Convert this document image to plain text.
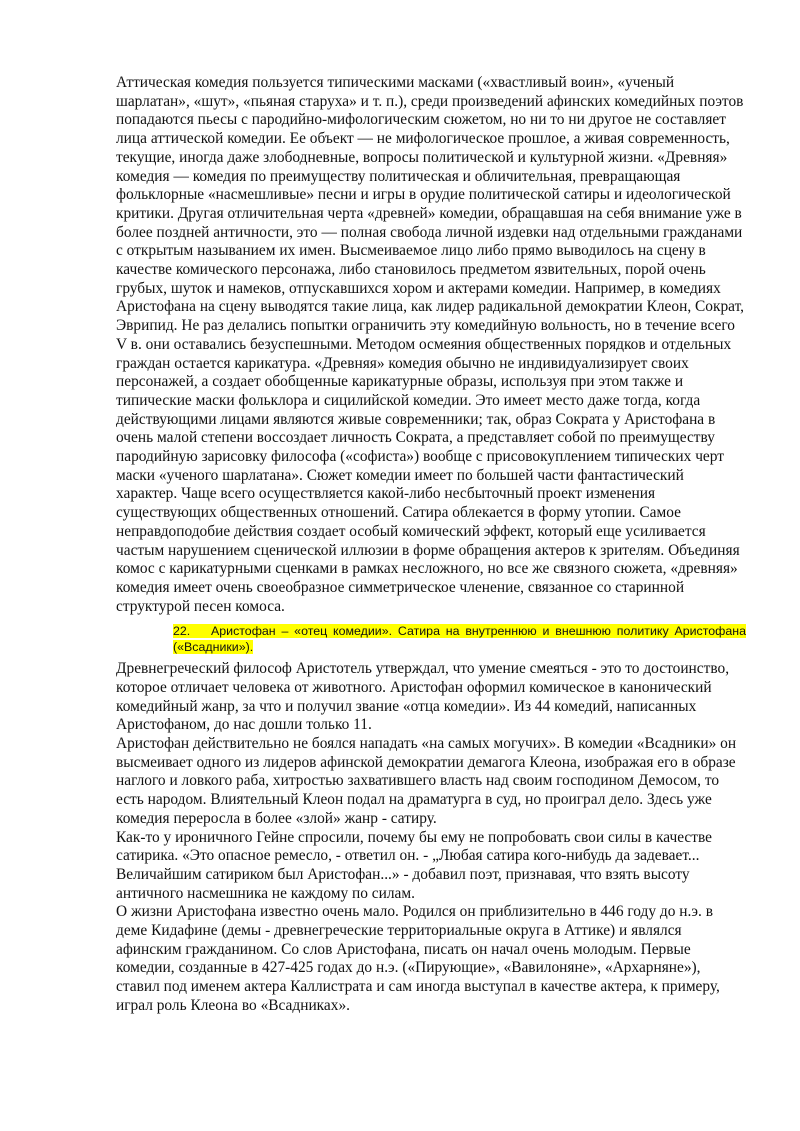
Аттическая комедия пользуется типическими масками («хвастливый воин», «ученый шарлатан», «шут», «пьяная старуха» и т. п.), среди произведений афинских комедийных поэтов попадаются пьесы с пародийно-мифологическим сюжетом, но ни то ни другое не составляет лица аттической комедии. Ее объект — не мифологическое прошлое, а живая современность, текущие, иногда даже злободневные, вопросы политической и культурной жизни. «Древняя» комедия — комедия по преимуществу политическая и обличительная, превращающая фольклорные «насмешливые» песни и игры в орудие политической сатиры и идеологической критики. Другая отличительная черта «древней» комедии, обращавшая на себя внимание уже в более поздней античности, это — полная свобода личной издевки над отдельными гражданами с открытым называнием их имен. Высмеиваемое лицо либо прямо выводилось на сцену в качестве комического персонажа, либо становилось предметом язвительных, порой очень грубых, шуток и намеков, отпускавшихся хором и актерами комедии. Например, в комедиях Аристофана на сцену выводятся такие лица, как лидер радикальной демократии Клеон, Сократ, Эврипид. Не раз делались попытки ограничить эту комедийную вольность, но в течение всего V в. они оставались безуспешными. Методом осмеяния общественных порядков и отдельных граждан остается карикатура. «Древняя» комедия обычно не индивидуализирует своих персонажей, а создает обобщенные карикатурные образы, используя при этом также и типические маски фольклора и сицилийской комедии. Это имеет место даже тогда, когда действующими лицами являются живые современники; так, образ Сократа у Аристофана в очень малой степени воссоздает личность Сократа, а представляет собой по преимуществу пародийную зарисовку философа («софиста») вообще с присовокуплением типических черт маски «ученого шарлатана». Сюжет комедии имеет по большей части фантастический характер. Чаще всего осуществляется какой-либо несбыточный проект изменения существующих общественных отношений. Сатира облекается в форму утопии. Самое неправдоподобие действия создает особый комический эффект, который еще усиливается частым нарушением сценической иллюзии в форме обращения актеров к зрителям. Объединяя комос с карикатурными сценками в рамках несложного, но все же связного сюжета, «древняя» комедия имеет очень своеобразное симметрическое членение, связанное со старинной структурой песен комоса.

22. Аристофан – «отец комедии». Сатира на внутреннюю и внешнюю политику Аристофана («Всадники»).

Древнегреческий философ Аристотель утверждал, что умение смеяться - это то достоинство, которое отличает человека от животного. Аристофан оформил комическое в канонический комедийный жанр, за что и получил звание «отца комедии». Из 44 комедий, написанных Аристофаном, до нас дошли только 11.

Аристофан действительно не боялся нападать «на самых могучих». В комедии «Всадники» он высмеивает одного из лидеров афинской демократии демагога Клеона, изображая его в образе наглого и ловкого раба, хитростью захватившего власть над своим господином Демосом, то есть народом. Влиятельный Клеон подал на драматурга в суд, но проиграл дело. Здесь уже комедия переросла в более «злой» жанр - сатиру.

Как-то у ироничного Гейне спросили, почему бы ему не попробовать свои силы в качестве сатирика. «Это опасное ремесло, - ответил он. - „Любая сатира кого-нибудь да задевает... Величайшим сатириком был Аристофан...» - добавил поэт, признавая, что взять высоту античного насмешника не каждому по силам.

О жизни Аристофана известно очень мало. Родился он приблизительно в 446 году до н.э. в деме Кидафине (демы - древнегреческие территориальные округа в Аттике) и являлся афинским гражданином. Со слов Аристофана, писать он начал очень молодым. Первые комедии, созданные в 427-425 годах до н.э. («Пирующие», «Вавилоняне», «Архарняне»), ставил под именем актера Каллистрата и сам иногда выступал в качестве актера, к примеру, играл роль Клеона во «Всадниках».
